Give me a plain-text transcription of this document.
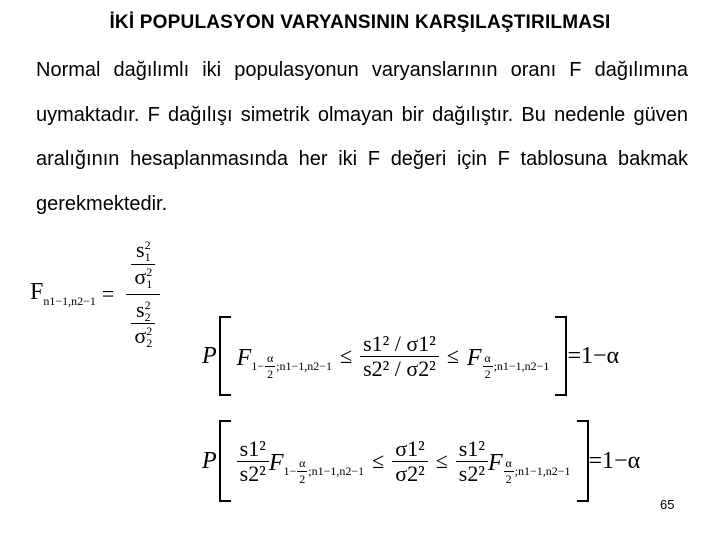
İKİ POPULASYON VARYANSININ KARŞILAŞTIRILMASI
Normal dağılımlı iki populasyonun varyanslarının oranı F dağılımına uymaktadır. F dağılışı simetrik olmayan bir dağılıştır. Bu nedenle güven aralığının hesaplanmasında her iki F değeri için F tablosuna bakmak gerekmektedir.
$F_{n1-1,n2-1}$ =
$\frac{s^2_1}{\sigma^2_1}$
$\frac{s^2_2}{\sigma^2_2}$
P F $1- \frac{\alpha}{2}$ ;n1−1,n2−1 ≤ $\frac{\text{s1² / σ1²}}{\text{s2² / σ2²}} \le F \frac{\alpha}{2}$ ;n1−1,n2−1 =1−α
P $\frac{\text{s1²}}{\text{s2²}}$ F $1- \frac{\alpha}{2}$ ;n1−1,n2−1 ≤ $\frac{\text{σ1²}}{\text{σ2²}} \le \frac{\text{s1²}}{\text{s2²}}$ F $\frac{\alpha}{2}$ ;n1−1,n2−1 =1−α
65
